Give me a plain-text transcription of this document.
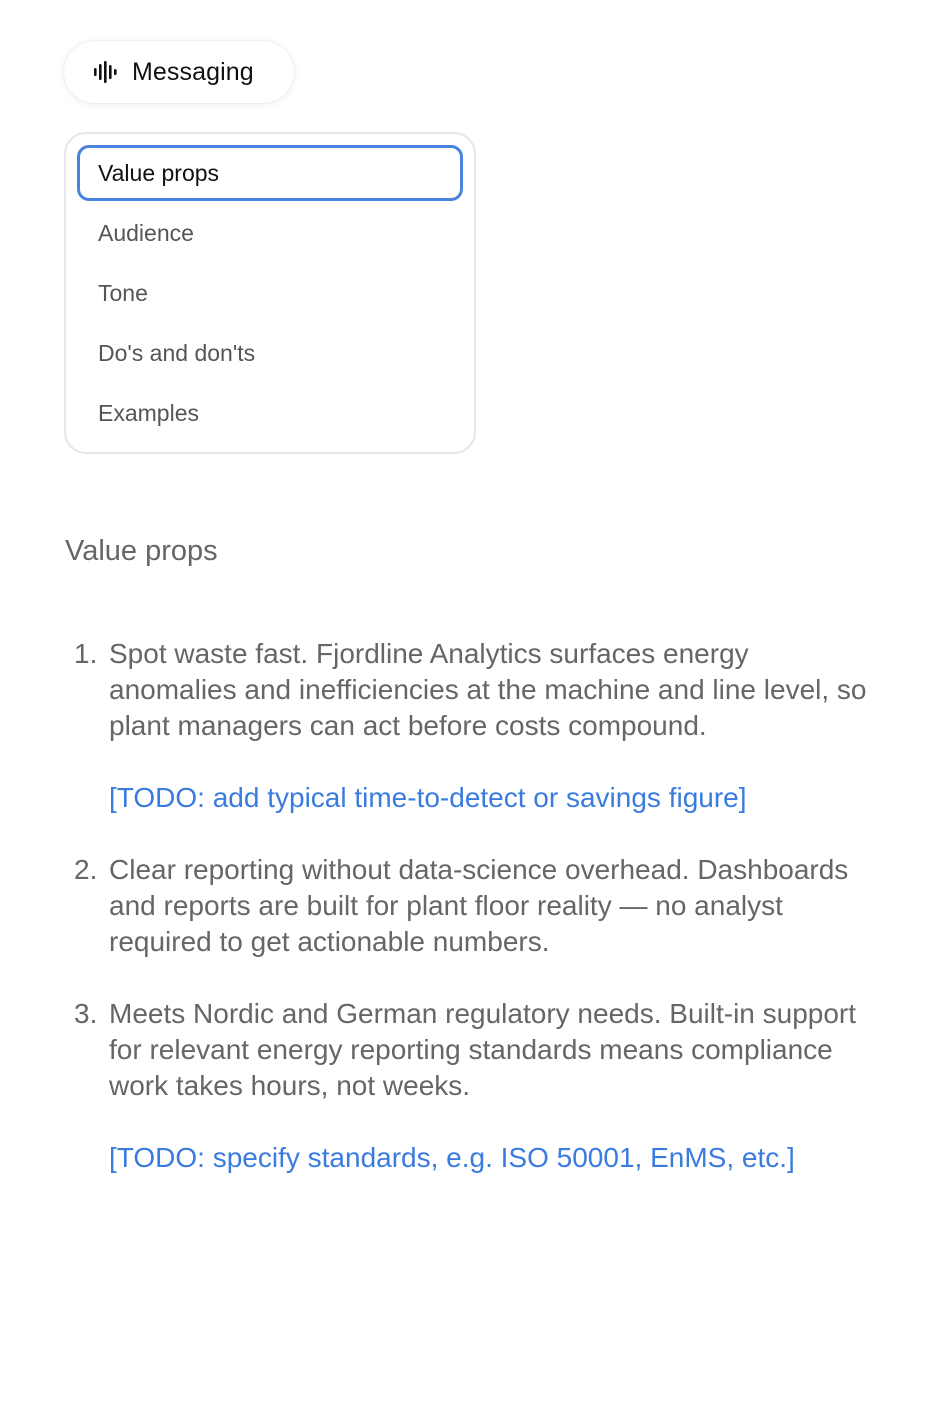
Messaging
Value props
Audience
Tone
Do's and don'ts
Examples
Value props
1. Spot waste fast. Fjordline Analytics surfaces energy anomalies and inefficiencies at the machine and line level, so plant managers can act before costs compound.

[TODO: add typical time-to-detect or savings figure]

2. Clear reporting without data-science overhead. Dashboards and reports are built for plant floor reality — no analyst required to get actionable numbers.

3. Meets Nordic and German regulatory needs. Built-in support for relevant energy reporting standards means compliance work takes hours, not weeks.

[TODO: specify standards, e.g. ISO 50001, EnMS, etc.]
